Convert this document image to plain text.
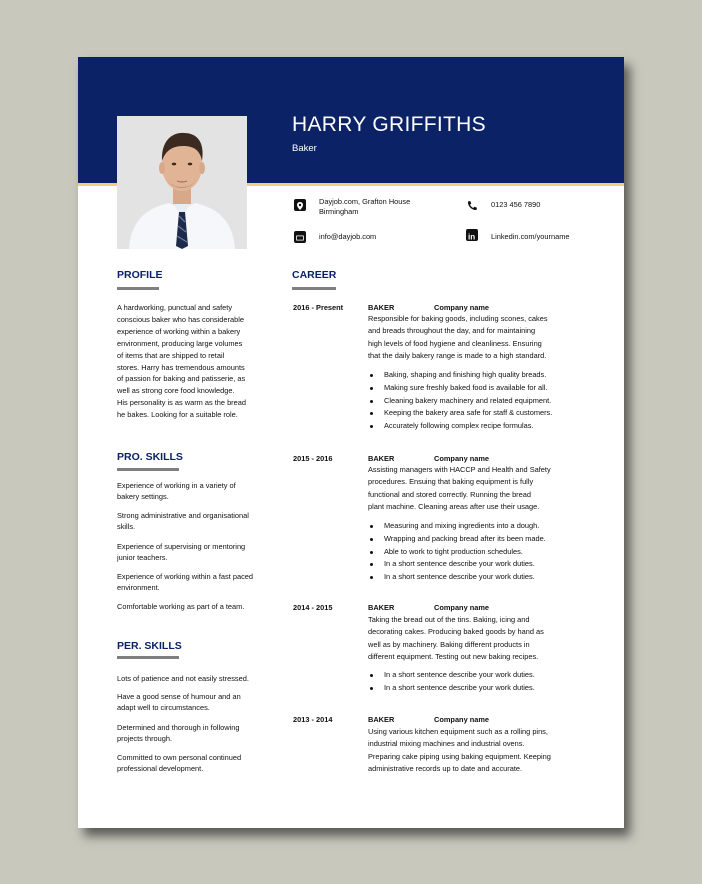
HARRY GRIFFITHS
Baker
Dayjob.com, Grafton House
Birmingham
0123 456 7890
info@dayjob.com	in Linkedin.com/yourname
PROFILE	CAREER
PRO. SKILLS
PER. SKILLS
A hardworking, punctual and safety
conscious baker who has considerable
experience of working within a bakery
environment, producing large volumes
of items that are shipped to retail
stores. Harry has tremendous amounts
of passion for baking and patisserie, as
well as strong core food knowledge.
His personality is as warm as the bread
he bakes. Looking for a suitable role.
Experience of working in a variety of
bakery settings.
Strong administrative and organisational
skills.
Experience of supervising or mentoring
junior teachers.
Experience of working within a fast paced
environment.
Comfortable working as part of a team.
Lots of patience and not easily stressed.
Have a good sense of humour and an
adapt well to circumstances.
Determined and thorough in following
projects through.
Committed to own personal continued
professional development.
2016 - Present	BAKER	Company name
Responsible for baking goods, including scones, cakes
and breads throughout the day, and for maintaining
high levels of food hygiene and cleanliness. Ensuring
that the daily bakery range is made to a high standard.
Baking, shaping and finishing high quality breads.
Making sure freshly baked food is available for all.
Cleaning bakery machinery and related equipment.
Keeping the bakery area safe for staff & customers.
Accurately following complex recipe formulas.
2015 - 2016	BAKER	Company name
Assisting managers with HACCP and Health and Safety
procedures. Ensuing that baking equipment is fully
functional and stored correctly. Running the bread
plant machine. Cleaning areas after use their usage.
Measuring and mixing ingredients into a dough.
Wrapping and packing bread after its been made.
Able to work to tight production schedules.
In a short sentence describe your work duties.
In a short sentence describe your work duties.
2014 - 2015	BAKER	Company name
Taking the bread out of the tins. Baking, icing and
decorating cakes. Producing baked goods by hand as
well as by machinery. Baking different products in
different equipment. Testing out new baking recipes.
In a short sentence describe your work duties.
In a short sentence describe your work duties.
2013 - 2014	BAKER	Company name
Using various kitchen equipment such as a rolling pins,
industrial mixing machines and industrial ovens.
Preparing cake piping using baking equipment. Keeping
administrative records up to date and accurate.
